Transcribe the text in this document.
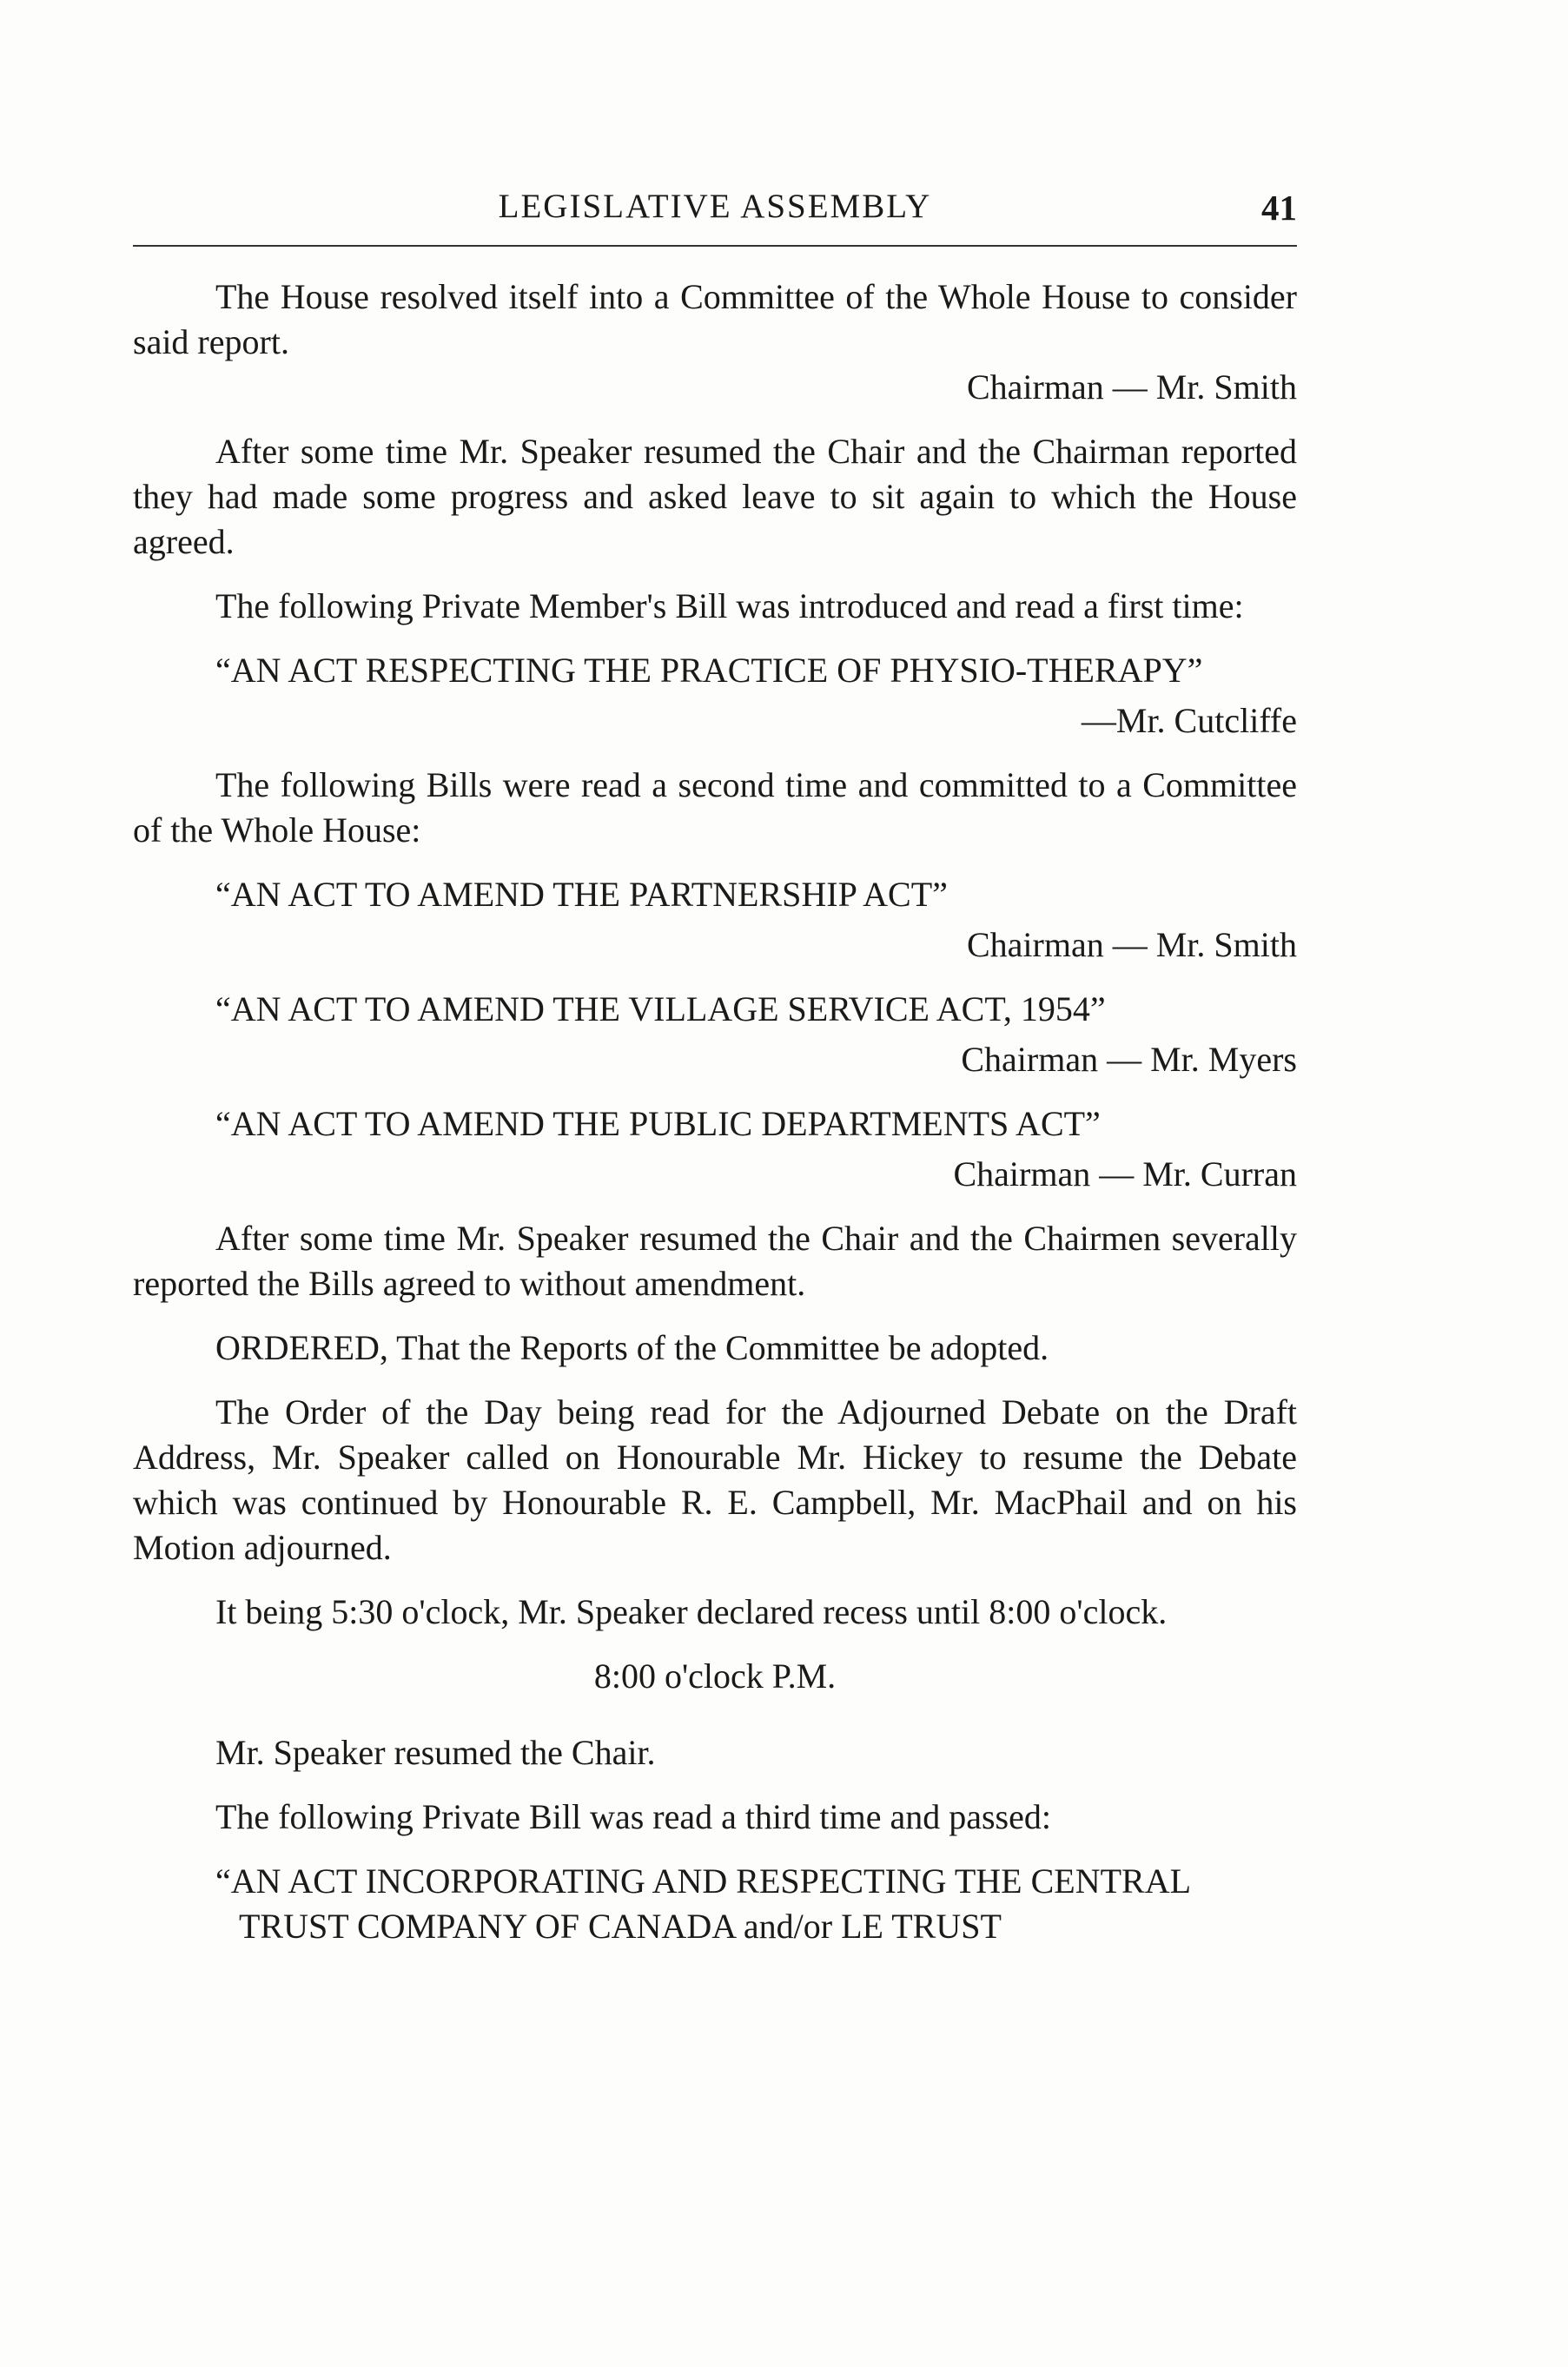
LEGISLATIVE ASSEMBLY	41

The House resolved itself into a Committee of the Whole House to consider said report.

Chairman — Mr. Smith

After some time Mr. Speaker resumed the Chair and the Chairman reported they had made some progress and asked leave to sit again to which the House agreed.

The following Private Member's Bill was introduced and read a first time:

“AN ACT RESPECTING THE PRACTICE OF PHYSIO-THERAPY”
—Mr. Cutcliffe

The following Bills were read a second time and committed to a Committee of the Whole House:

“AN ACT TO AMEND THE PARTNERSHIP ACT”
Chairman — Mr. Smith
“AN ACT TO AMEND THE VILLAGE SERVICE ACT, 1954”
Chairman — Mr. Myers
“AN ACT TO AMEND THE PUBLIC DEPARTMENTS ACT”
Chairman — Mr. Curran

After some time Mr. Speaker resumed the Chair and the Chairmen severally reported the Bills agreed to without amendment.

ORDERED, That the Reports of the Committee be adopted.

The Order of the Day being read for the Adjourned Debate on the Draft Address, Mr. Speaker called on Honourable Mr. Hickey to resume the Debate which was continued by Honourable R. E. Campbell, Mr. MacPhail and on his Motion adjourned.

It being 5:30 o'clock, Mr. Speaker declared recess until 8:00 o'clock.

8:00 o'clock P.M.

Mr. Speaker resumed the Chair.

The following Private Bill was read a third time and passed:

“AN ACT INCORPORATING AND RESPECTING THE CENTRAL TRUST COMPANY OF CANADA and/or LE TRUST
